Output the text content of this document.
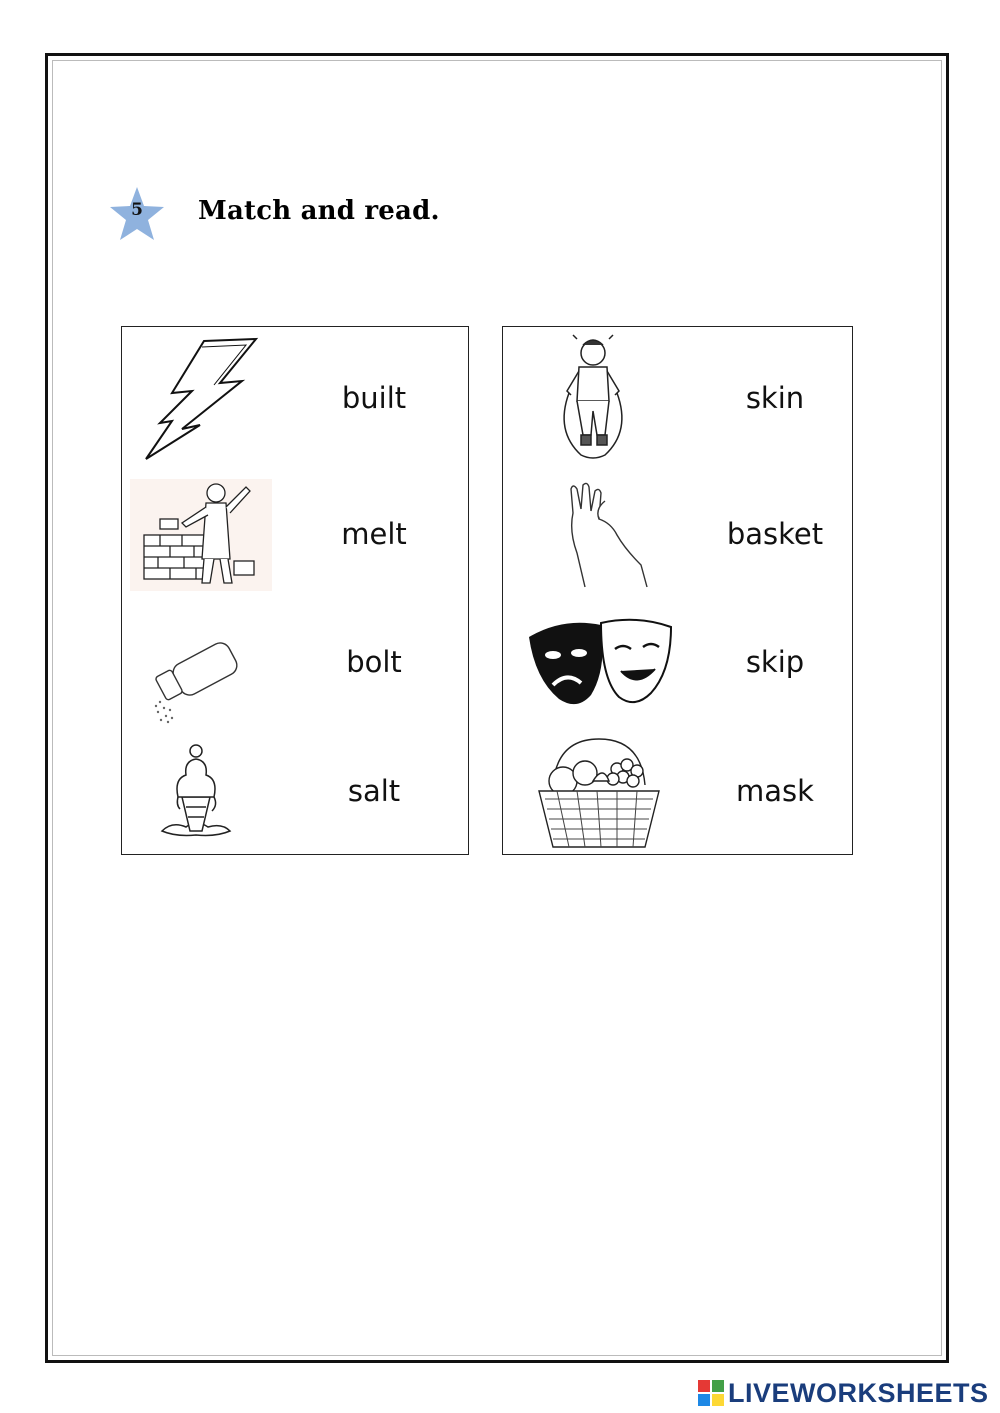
5	Match and read.
built
melt
bolt
salt
skin
basket
skip
mask
LIVEWORKSHEETS
